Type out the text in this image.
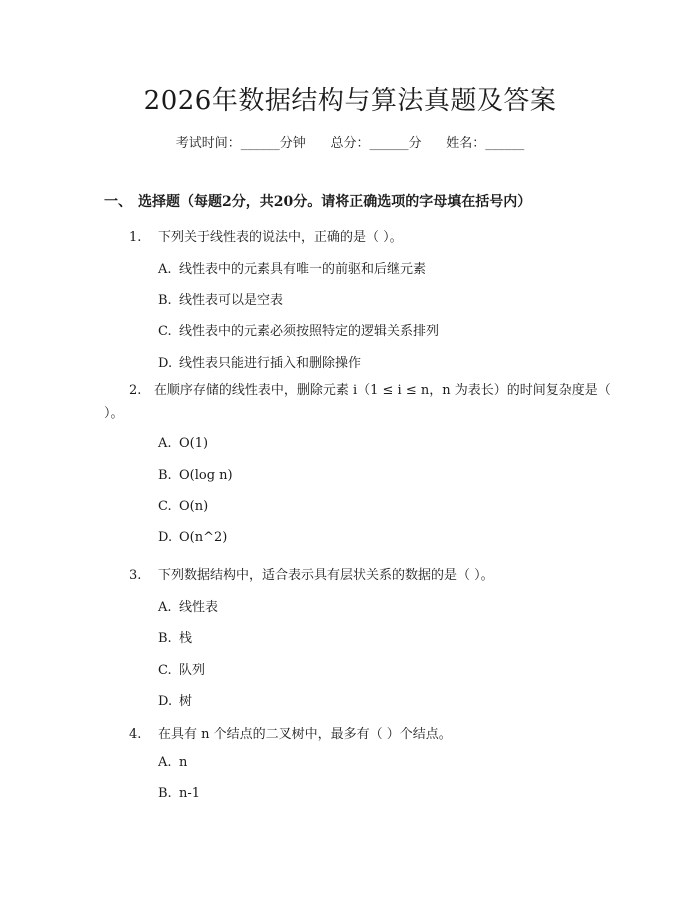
2026年数据结构与算法真题及答案
考试时间：______分钟      总分：______分      姓名：______
一、 选择题（每题2分，共20分。请将正确选项的字母填在括号内）
1. 下列关于线性表的说法中，正确的是（ ）。
A. 线性表中的元素具有唯一的前驱和后继元素
B. 线性表可以是空表
C. 线性表中的元素必须按照特定的逻辑关系排列
D. 线性表只能进行插入和删除操作
2. 在顺序存储的线性表中，删除元素 i（1 ≤ i ≤ n，n 为表长）的时间复杂度是（ ）。
A. O(1)
B. O(log n)
C. O(n)
D. O(n^2)
3. 下列数据结构中，适合表示具有层状关系的数据的是（ ）。
A. 线性表
B. 栈
C. 队列
D. 树
4. 在具有 n 个结点的二叉树中，最多有（ ）个结点。
A. n
B. n-1
